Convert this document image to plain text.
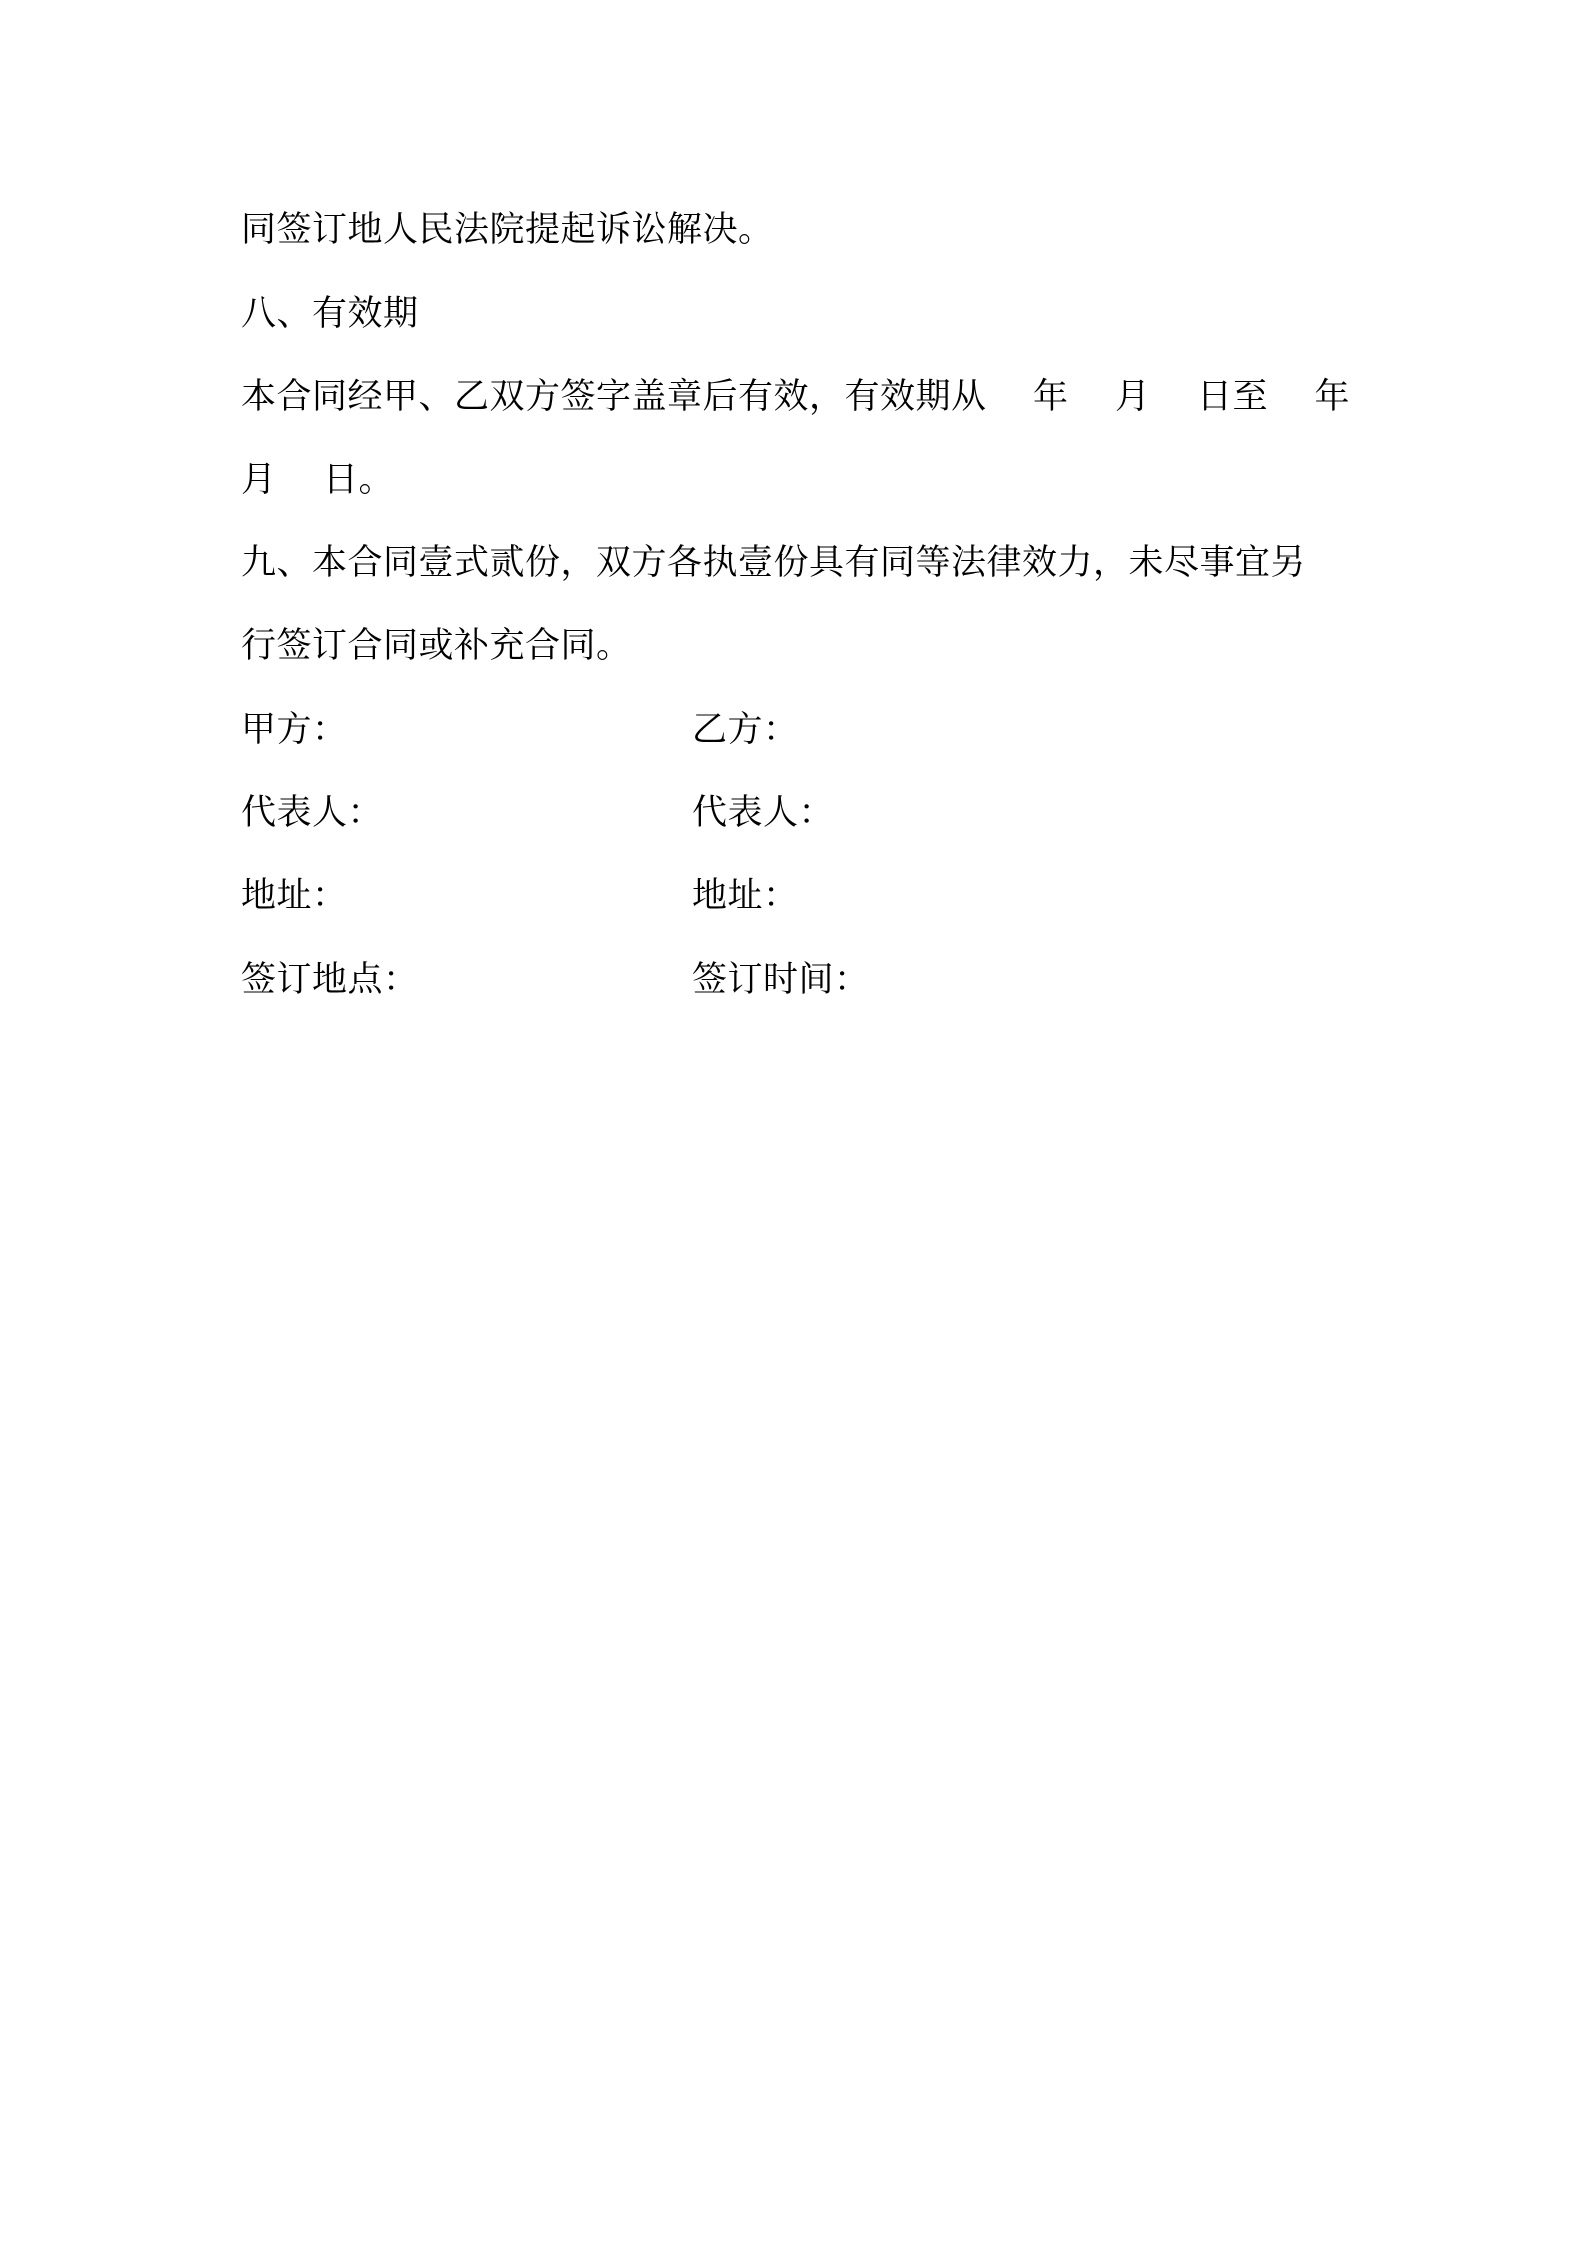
同签订地人民法院提起诉讼解决。

八、有效期

本合同经甲、乙双方签字盖章后有效，有效期从    年    月    日至    年

月    日。

九、本合同壹式贰份，双方各执壹份具有同等法律效力，未尽事宜另

行签订合同或补充合同。

甲方：	乙方：
代表人：	代表人：
地址：	地址：
签订地点：	签订时间：
